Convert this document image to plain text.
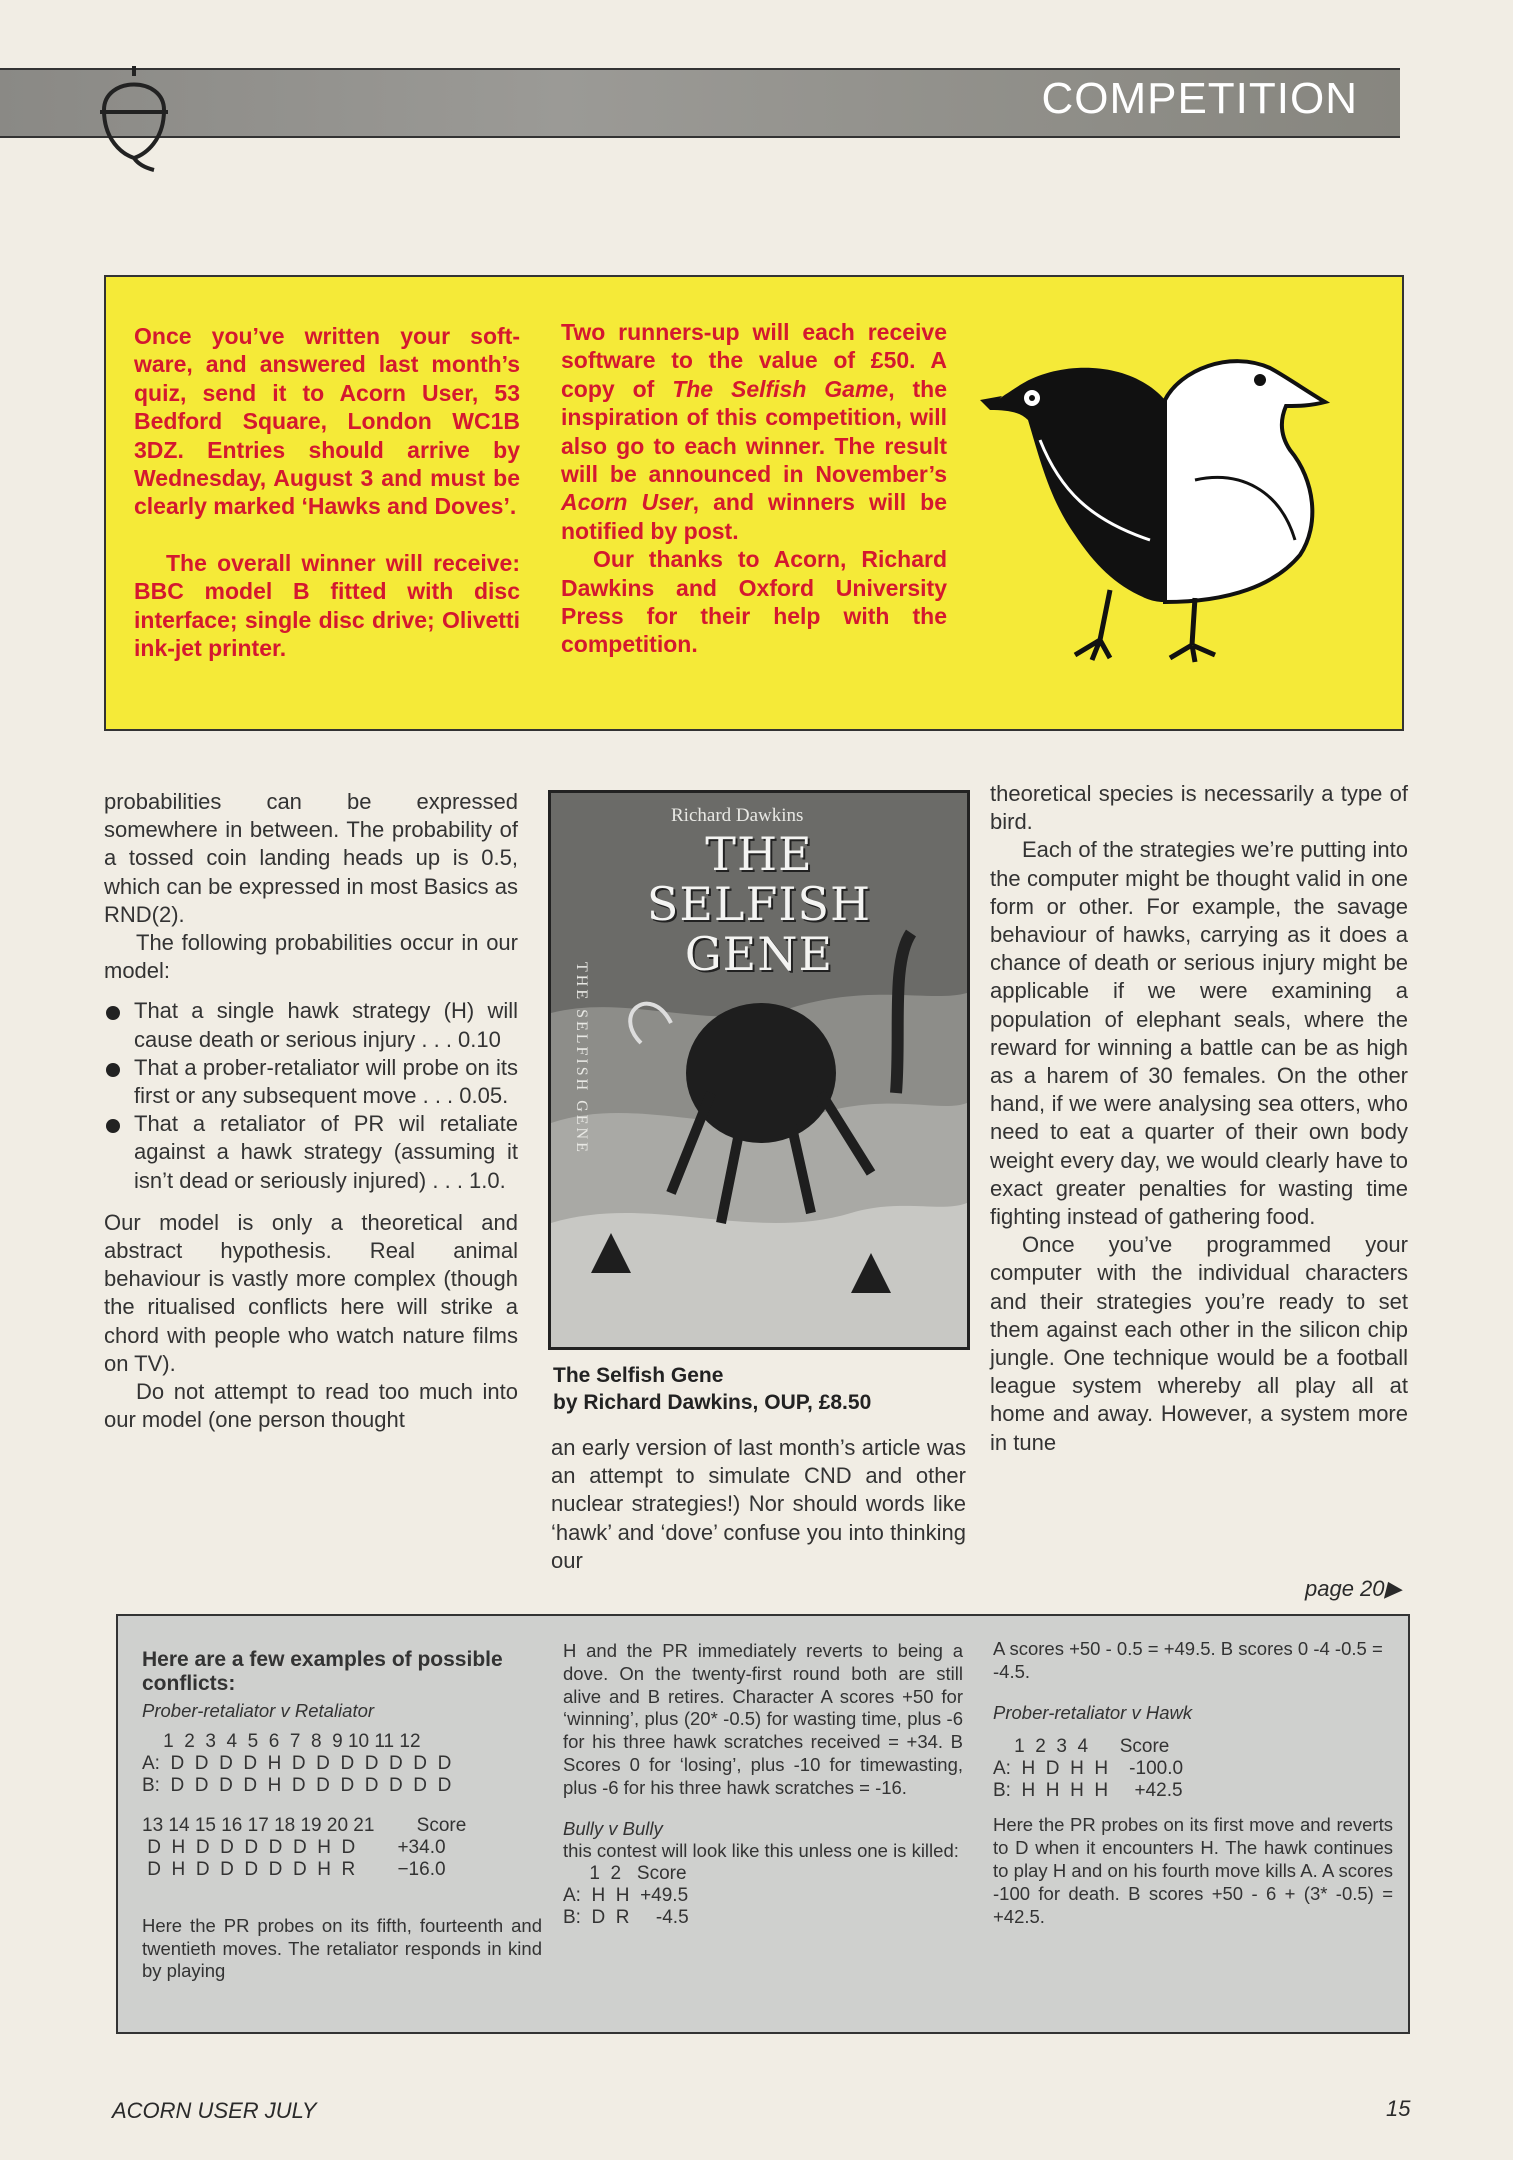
COMPETITION

Once you’ve written your soft-ware, and answered last month’s quiz, send it to Acorn User, 53 Bedford Square, London WC1B 3DZ. Entries should arrive by Wednesday, August 3 and must be clearly marked ‘Hawks and Doves’.

The overall winner will receive: BBC model B fitted with disc interface; single disc drive; Olivetti ink-jet printer.

Two runners-up will each receive software to the value of £50. A copy of The Selfish Game, the inspiration of this competition, will also go to each winner. The result will be announced in November’s Acorn User, and winners will be notified by post.

Our thanks to Acorn, Richard Dawkins and Oxford University Press for their help with the competition.

probabilities can be expressed somewhere in between. The probability of a tossed coin landing heads up is 0.5, which can be expressed in most Basics as RND(2).

The following probabilities occur in our model:

That a single hawk strategy (H) will cause death or serious injury . . . 0.10

That a prober-retaliator will probe on its first or any subsequent move . . . 0.05.

That a retaliator of PR wil retaliate against a hawk strategy (assuming it isn’t dead or seriously injured) . . . 1.0.

Our model is only a theoretical and abstract hypothesis. Real animal behaviour is vastly more complex (though the ritualised conflicts here will strike a chord with people who watch nature films on TV).

Do not attempt to read too much into our model (one person thought

Richard Dawkins
THE
SELFISH
GENE
THE SELFISH GENE
The Selfish Gene
by Richard Dawkins, OUP, £8.50

an early version of last month’s article was an attempt to simulate CND and other nuclear strategies!) Nor should words like ‘hawk’ and ‘dove’ confuse you into thinking our

theoretical species is necessarily a type of bird.

Each of the strategies we’re putting into the computer might be thought valid in one form or other. For example, the savage behaviour of hawks, carrying as it does a chance of death or serious injury might be applicable if we were examining a population of elephant seals, where the reward for winning a battle can be as high as a harem of 30 females. On the other hand, if we were analysing sea otters, who need to eat a quarter of their own body weight every day, we would clearly have to exact greater penalties for wasting time fighting instead of gathering food.

Once you’ve programmed your computer with the individual characters and their strategies you’re ready to set them against each other in the silicon chip jungle. One technique would be a football league system whereby all play all at home and away. However, a system more in tune

page 20▶

Here are a few examples of possible conflicts:

Prober-retaliator v Retaliator

1  2  3  4  5  6  7  8  9 10 11 12
A:  D  D  D  D  H  D  D  D  D  D  D  D
B:  D  D  D  D  H  D  D  D  D  D  D  D
13 14 15 16 17 18 19 20 21        Score
D  H  D  D  D  D  D  H  D        +34.0
D  H  D  D  D  D  D  H  R        −16.0

Here the PR probes on its fifth, fourteenth and twentieth moves. The retaliator responds in kind by playing

H and the PR immediately reverts to being a dove. On the twenty-first round both are still alive and B retires. Character A scores +50 for ‘winning’, plus (20* -0.5) for wasting time, plus -6 for his three hawk scratches received = +34. B Scores 0 for ‘losing’, plus -10 for timewasting, plus -6 for his three hawk scratches = -16.

Bully v Bully

this contest will look like this unless one is killed:

1  2   Score
A:  H  H  +49.5
B:  D  R     -4.5

A scores +50 - 0.5 = +49.5. B scores 0 -4 -0.5 = -4.5.

Prober-retaliator v Hawk

1  2  3  4      Score
A:  H  D  H  H    -100.0
B:  H  H  H  H     +42.5

Here the PR probes on its first move and reverts to D when it encounters H. The hawk continues to play H and on his fourth move kills A. A scores -100 for death. B scores +50 - 6 + (3* -0.5) = +42.5.

ACORN USER JULY	15
